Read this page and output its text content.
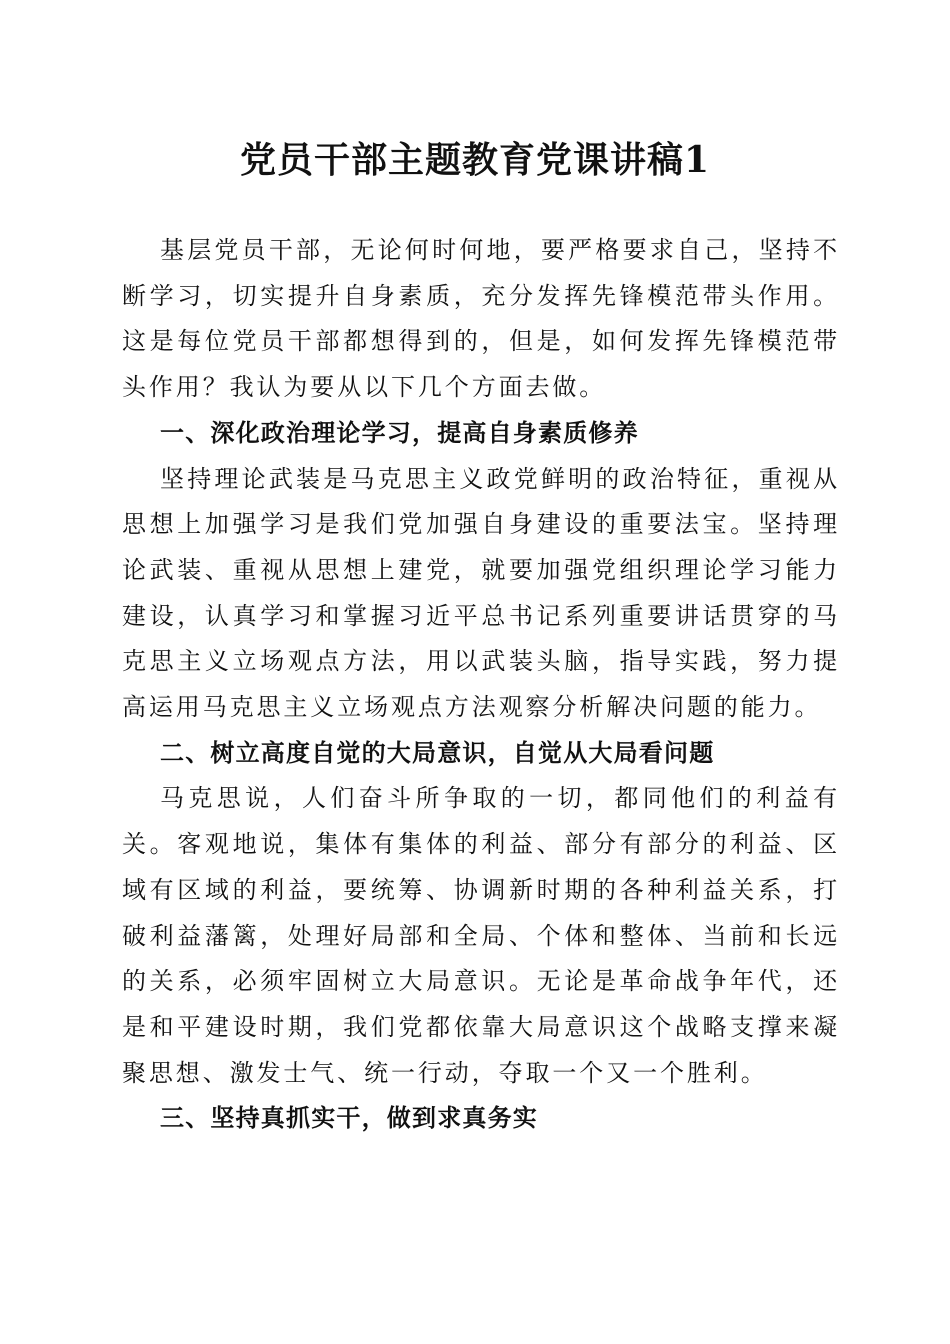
党员干部主题教育党课讲稿1

基层党员干部，无论何时何地，要严格要求自己，坚持不断学习，切实提升自身素质，充分发挥先锋模范带头作用。这是每位党员干部都想得到的，但是，如何发挥先锋模范带头作用？我认为要从以下几个方面去做。

一、深化政治理论学习，提高自身素质修养

坚持理论武装是马克思主义政党鲜明的政治特征，重视从思想上加强学习是我们党加强自身建设的重要法宝。坚持理论武装、重视从思想上建党，就要加强党组织理论学习能力建设，认真学习和掌握习近平总书记系列重要讲话贯穿的马克思主义立场观点方法，用以武装头脑，指导实践，努力提高运用马克思主义立场观点方法观察分析解决问题的能力。

二、树立高度自觉的大局意识，自觉从大局看问题

马克思说，人们奋斗所争取的一切，都同他们的利益有关。客观地说，集体有集体的利益、部分有部分的利益、区域有区域的利益，要统筹、协调新时期的各种利益关系，打破利益藩篱，处理好局部和全局、个体和整体、当前和长远的关系，必须牢固树立大局意识。无论是革命战争年代，还是和平建设时期，我们党都依靠大局意识这个战略支撑来凝聚思想、激发士气、统一行动，夺取一个又一个胜利。

三、坚持真抓实干，做到求真务实
